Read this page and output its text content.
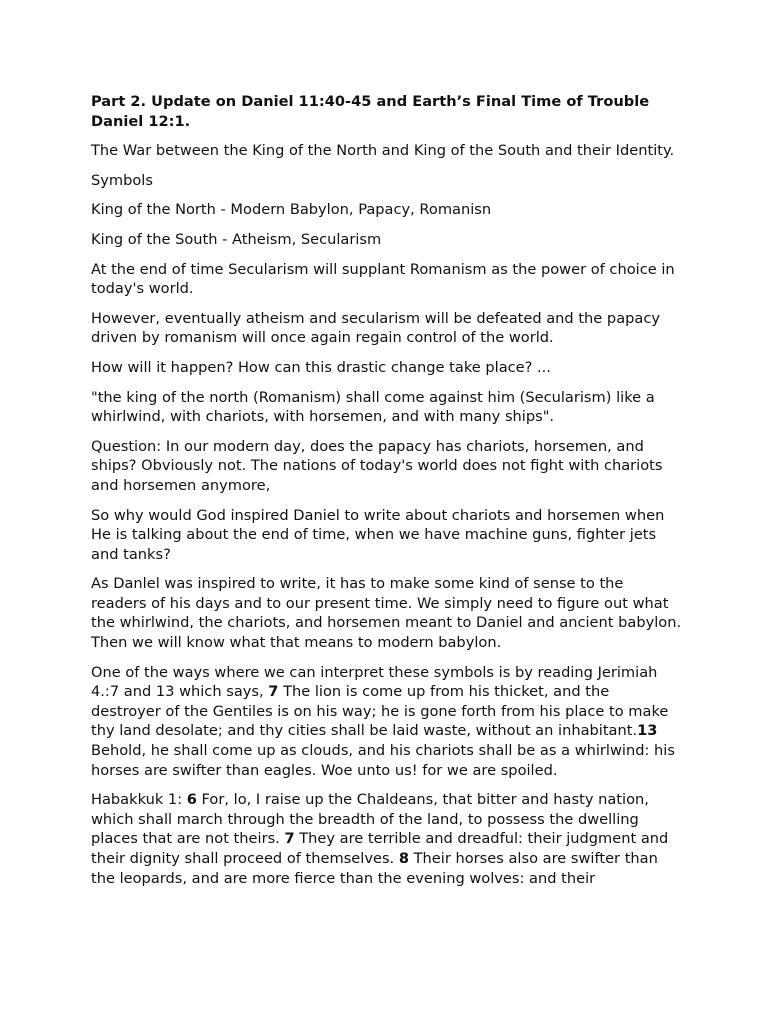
Part 2. Update on Daniel 11:40-45 and Earth’s Final Time of Trouble Daniel 12:1.

The War between the King of the North and King of the South and their Identity.

Symbols

King of the North - Modern Babylon, Papacy, Romanisn

King of the South - Atheism, Secularism

At the end of time Secularism will supplant Romanism as the power of choice in today's world.

However, eventually atheism and secularism will be defeated and the papacy driven by romanism will once again regain control of the world.

How will it happen? How can this drastic change take place? ...

"the king of the north (Romanism) shall come against him (Secularism) like a whirlwind, with chariots, with horsemen, and with many ships".

Question: In our modern day, does the papacy has chariots, horsemen, and ships? Obviously not. The nations of today's world does not fight with chariots and horsemen anymore,

So why would God inspired Daniel to write about chariots and horsemen when He is talking about the end of time, when we have machine guns, fighter jets and tanks?

As Danlel was inspired to write, it has to make some kind of sense to the readers of his days and to our present time. We simply need to figure out what the whirlwind, the chariots, and horsemen meant to Daniel and ancient babylon. Then we will know what that means to modern babylon.

One of the ways where we can interpret these symbols is by reading Jerimiah 4.:7 and 13 which says, 7 The lion is come up from his thicket, and the destroyer of the Gentiles is on his way; he is gone forth from his place to make thy land desolate; and thy cities shall be laid waste, without an inhabitant.13 Behold, he shall come up as clouds, and his chariots shall be as a whirlwind: his horses are swifter than eagles. Woe unto us! for we are spoiled.

Habakkuk 1: 6 For, lo, I raise up the Chaldeans, that bitter and hasty nation, which shall march through the breadth of the land, to possess the dwelling places that are not theirs. 7 They are terrible and dreadful: their judgment and their dignity shall proceed of themselves. 8 Their horses also are swifter than the leopards, and are more fierce than the evening wolves: and their
